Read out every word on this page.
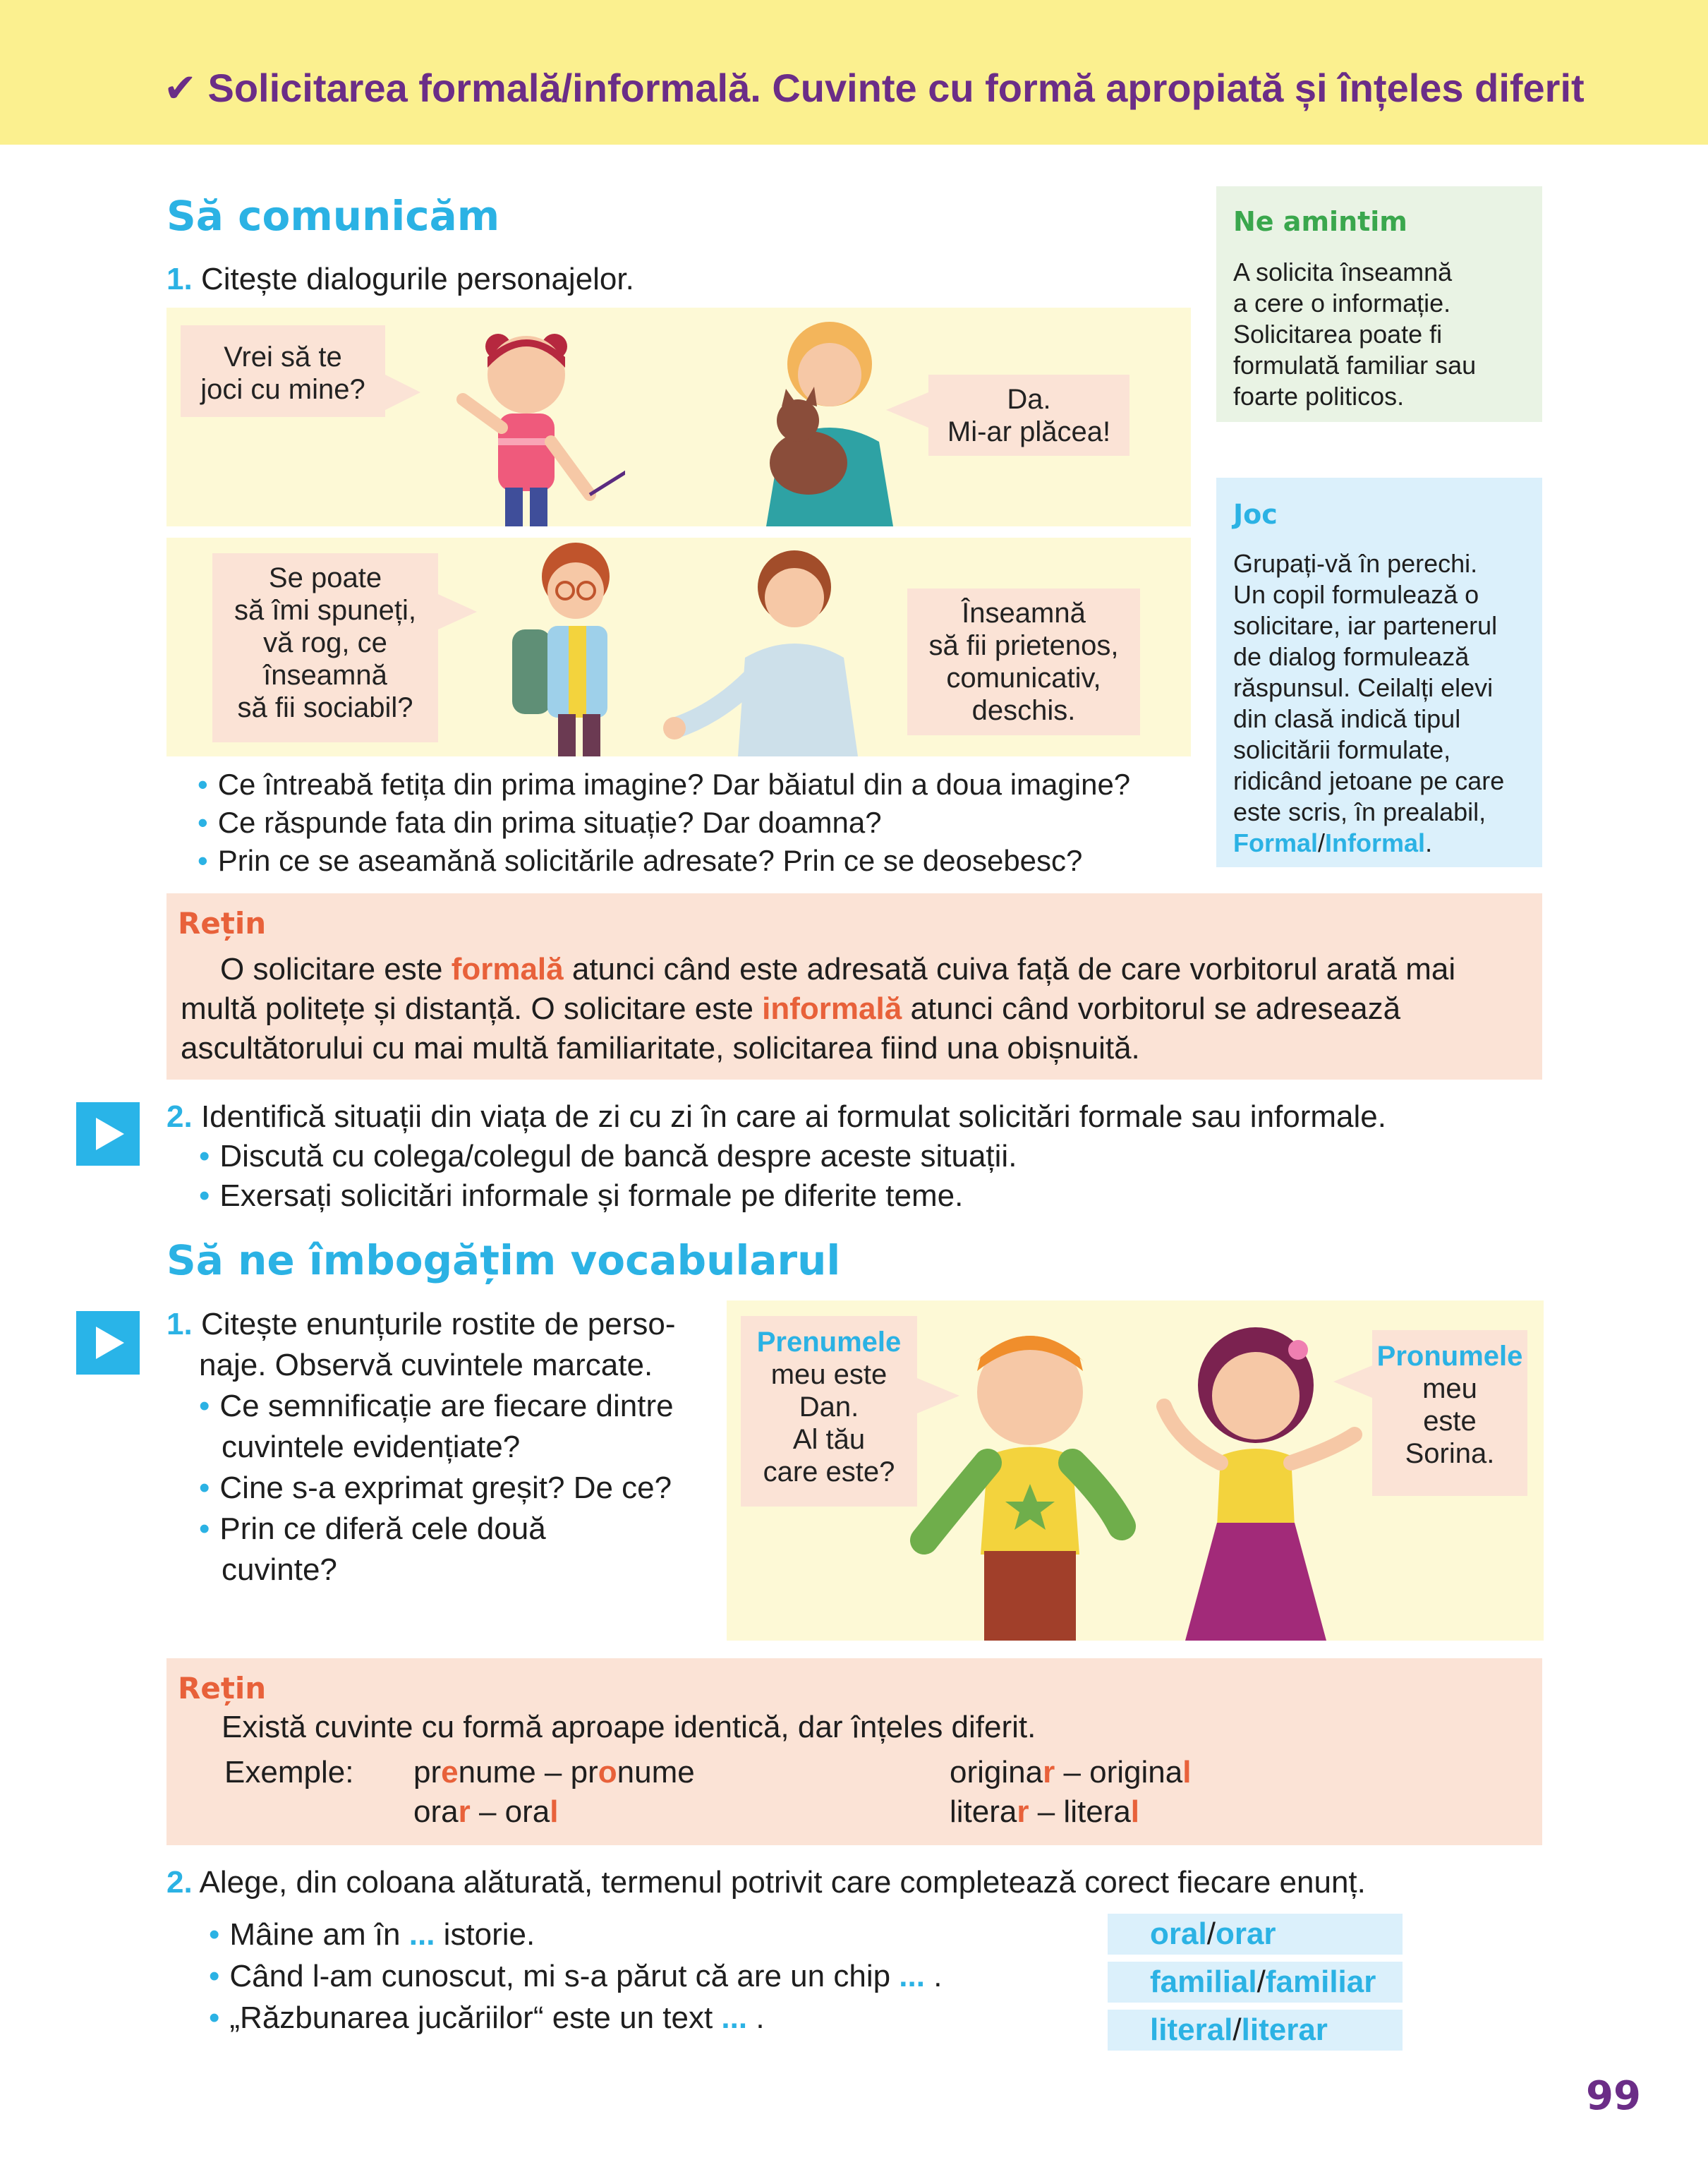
✔ Solicitarea formală/informală. Cuvinte cu formă apropiată și înțeles diferit
Să comunicăm
1. Citește dialogurile personajelor.
Vrei să te
joci cu mine?	Da.
Mi-ar plăcea!
Se poate
să îmi spuneți,
vă rog, ce
înseamnă
să fii sociabil?
Înseamnă
să fii prietenos,
comunicativ,
deschis.
• Ce întreabă fetița din prima imagine? Dar băiatul din a doua imagine?
• Ce răspunde fata din prima situație? Dar doamna?
• Prin ce se aseamănă solicitările adresate? Prin ce se deosebesc?
Ne amintim
A solicita înseamnă
a cere o informație.
Solicitarea poate fi
formulată familiar sau
foarte politicos.
Joc
Grupați-vă în perechi.
Un copil formulează o
solicitare, iar partenerul
de dialog formulează
răspunsul. Ceilalți elevi
din clasă indică tipul
solicitării formulate,
ridicând jetoane pe care
este scris, în prealabil,
Formal/Informal.
Rețin
O solicitare este formală atunci când este adresată cuiva față de care vorbitorul arată mai multă politețe și distanță. O solicitare este informală atunci când vorbitorul se adresează ascultătorului cu mai multă familiaritate, solicitarea fiind una obișnuită.
2. Identifică situații din viața de zi cu zi în care ai formulat solicitări formale sau informale.
• Discută cu colega/colegul de bancă despre aceste situații.
• Exersați solicitări informale și formale pe diferite teme.
Să ne îmbogățim vocabularul
1. Citește enunțurile rostite de perso-
naje. Observă cuvintele marcate.
• Ce semnificație are fiecare dintre
cuvintele evidențiate?
• Cine s-a exprimat greșit? De ce?
• Prin ce diferă cele două
cuvinte?
Prenumele
meu este
Dan.
Al tău
care este?
Pronumele
meu
este
Sorina.
Rețin
Există cuvinte cu formă aproape identică, dar înțeles diferit.
Exemple: prenume – pronume
orar – oral
originar – original
literar – literal
2. Alege, din coloana alăturată, termenul potrivit care completează corect fiecare enunț.
• Mâine am în ... istorie.
• Când l-am cunoscut, mi s-a părut că are un chip ... .
• „Răzbunarea jucăriilor“ este un text ... .
oral/orar
familial/familiar
literal/literar
99
